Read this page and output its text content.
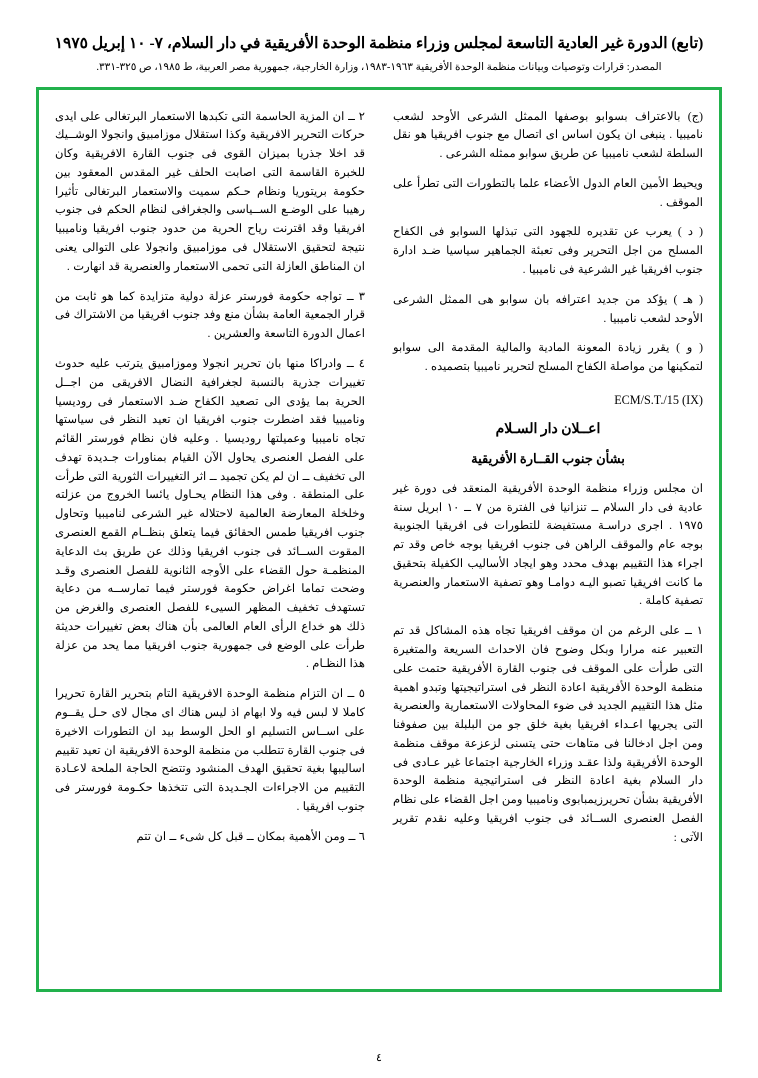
(تابع) الدورة غير العادية التاسعة لمجلس وزراء منظمة الوحدة الأفريقية في دار السلام، ٧- ١٠ إبريل ١٩٧٥
المصدر: قرارات وتوصيات وبيانات منظمة الوحدة الأفريقية ١٩٦٣-١٩٨٣، وزارة الخارجية، جمهورية مصر العربية، ط ١٩٨٥، ص ٣٢٥-٣٣١.

(ج) بالاعتراف بسوابو بوصفها الممثل الشرعى الأوحد لشعب ناميبيا . ينبغى ان يكون اساس اى اتصال مع جنوب افريقيا هو نقل السلطة لشعب ناميبيا عن طريق سوابو ممثله الشرعى .

ويحيط الأمين العام الدول الأعضاء علما بالتطورات التى تطرأ على الموقف .

( د ) يعرب عن تقديره للجهود التى تبذلها السوابو فى الكفاح المسلح من اجل التحرير وفى تعبئة الجماهير سياسيا ضـد ادارة جنوب افريقيا غير الشرعية فى ناميبيا .

( هـ ) يؤكد من جديد اعترافه بان سوابو هى الممثل الشرعى الأوحد لشعب ناميبيا .

( و ) يقرر زيادة المعونة المادية والمالية المقدمة الى سوابو لتمكينها من مواصلة الكفاح المسلح لتحرير ناميبيا بتصميده .

ECM/S.T./15 (IX)
اعــلان دار السـلام
بشأن جنوب القــارة الأفريقية

ان مجلس وزراء منظمة الوحدة الأفريقية المنعقد فى دورة غير عادية فى دار السلام ــ تنزانيا فى الفترة من ٧ ــ ١٠ ابريل سنة ١٩٧٥ . اجرى دراسـة مستفيضة للتطورات فى افريقيا الجنوبية بوجه عام والموقف الراهن فى جنوب افريقيا بوجه خاص وقد تم اجراء هذا التقييم بهدف محدد وهو ايجاد الأساليب الكفيلة بتحقيق ما كانت افريقيا تصبو اليـه دوامـا وهو تصفية الاستعمار والعنصرية تصفية كاملة .

١ ــ على الرغم من ان موقف افريقيا تجاه هذه المشاكل قد تم التعبير عنه مرارا وبكل وضوح فان الاحداث السريعة والمتغيرة التى طرأت على الموقف فى جنوب القارة الأفريقية حتمت على منظمة الوحدة الأفريقية اعادة النظر فى استراتيجيتها وتبدو اهمية مثل هذا التقييم الجديد فى ضوء المحاولات الاستعمارية والعنصرية التى يجريها اعـداء افريقيا بغية خلق جو من البلبلة بين صفوفنا ومن اجل ادخالنا فى متاهات حتى يتسنى لزعزعة موقف منظمة الوحدة الأفريقية ولذا عقـد وزراء الخارجية اجتماعا غير عـادى فى دار السلام بغية اعادة النظر فى استراتيجية منظمة الوحدة الأفريقية بشأن تحريرزيمبابوى وناميبيا ومن اجل القضاء على نظام الفصل العنصرى الســائد فى جنوب افريقيا وعليه نقدم تقرير الآتى :

٢ ــ ان المزية الحاسمة التى تكبدها الاستعمار البرتغالى على ايدى حركات التحرير الافريقية وكذا استقلال موزامبيق وانجولا الوشــيك قد اخلا جذريا بميزان القوى فى جنوب القارة الافريقية وكان للخبرة القاسمة التى اصابت الحلف غير المقدس المعقود بين حكومة بريتوريا ونظام حـكم سميت والاستعمار البرتغالى تأثيرا رهيبا على الوضـع الســياسى والجغرافى لنظام الحكم فى جنوب افريقيا وقد اقترنت رياح الحرية من حدود جنوب افريقيا وناميبيا نتيجة لتحقيق الاستقلال فى موزامبيق وانجولا على التوالى يعنى ان المناطق العازلة التى تحمى الاستعمار والعنصرية قد انهارت .

٣ ــ تواجه حكومة فورستر عزلة دولية متزايدة كما هو ثابت من قرار الجمعية العامة بشأن منع وفد جنوب افريقيا من الاشتراك فى اعمال الدورة التاسعة والعشرين .

٤ ــ وادراكا منها بان تحرير انجولا وموزامبيق يترتب عليه حدوث تغييرات جذرية بالنسبة لجغرافية النضال الافريقى من اجــل الحرية بما يؤدى الى تصعيد الكفاح ضـد الاستعمار فى روديسيا وناميبيا فقد اضطرت جنوب افريقيا ان تعيد النظر فى سياستها تجاه ناميبيا وعميلتها روديسيا . وعليه فان نظام فورستر القائم على الفصل العنصرى يحاول الآن القيام بمناورات جـديدة تهدف الى تخفيف ــ ان لم يكن تجميد ــ اثر التغييرات الثورية التى طرأت على المنطقة . وفى هذا النظام يحـاول يائسا الخروج من عزلته وخلخلة المعارضة العالمية لاحتلاله غير الشرعى لناميبيا وتحاول جنوب افريقيا طمس الحقائق فيما يتعلق بنظــام القمع العنصرى المقوت الســائد فى جنوب افريقيا وذلك عن طريق بث الدعاية المنظمـة حول القضاء على الأوجه الثانوية للفصل العنصرى وقـد وضحت تماما اغراض حكومة فورستر فيما تمارســه من دعاية تستهدف تخفيف المظهر السيىء للفصل العنصرى والغرض من ذلك هو خداع الرأى العام العالمى بأن هناك بعض تغييرات حديثة طرأت على الوضع فى جمهورية جنوب افريقيا مما يحد من عزلة هذا النظـام .

٥ ــ ان التزام منظمة الوحدة الافريقية التام بتحرير القارة تحريرا كاملا لا لبس فيه ولا ابهام اذ ليس هناك اى مجال لاى حـل يقــوم على اســاس التسليم او الحل الوسط بيد ان التطورات الاخيرة فى جنوب القارة تتطلب من منظمة الوحدة الافريقية ان تعيد تقييم اساليبها بغية تحقيق الهدف المنشود وتتضح الحاجة الملحة لاعـادة التقييم من الاجراءات الجـديدة التى تتخذها حكـومة فورستر فى جنوب افريقيا .

٦ ــ ومن الأهمية بمكان ــ قبل كل شىء ــ ان تتم

٤
